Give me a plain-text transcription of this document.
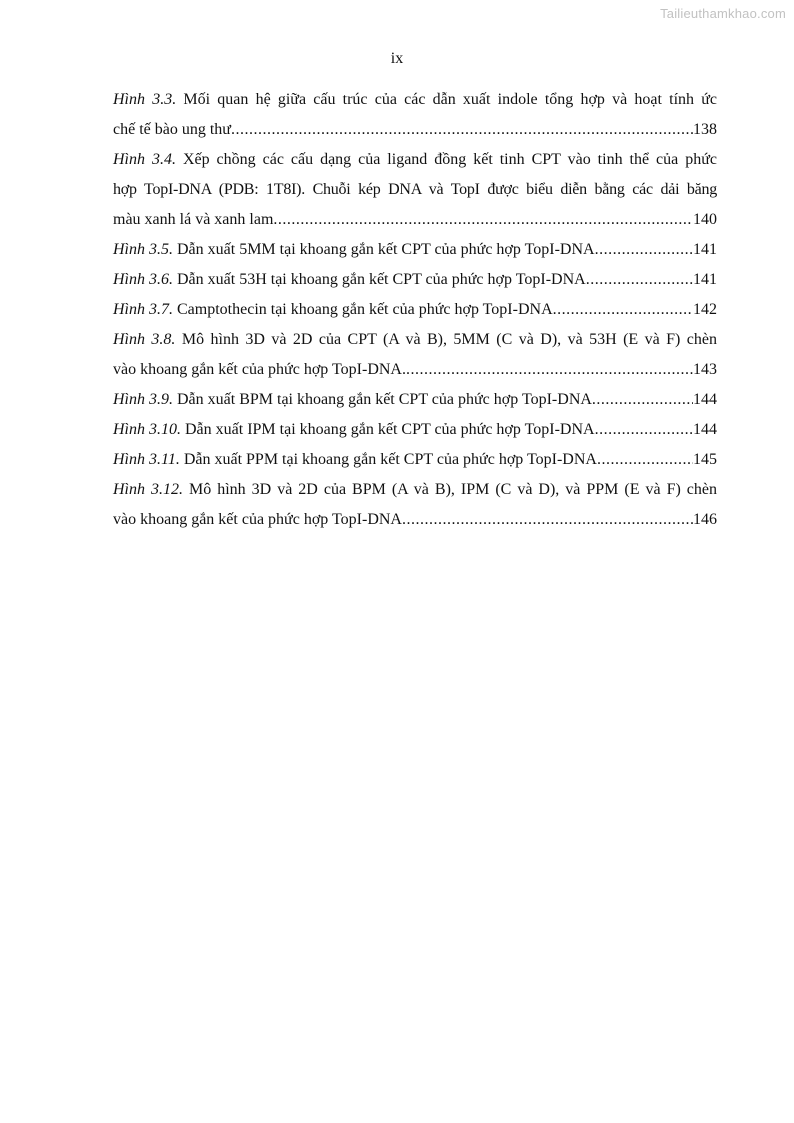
Tailieuthamkhao.com
ix
Hình 3.3. Mối quan hệ giữa cấu trúc của các dẫn xuất indole tổng hợp và hoạt tính ức
chế tế bào ung thư .....	138
Hình 3.4. Xếp chồng các cấu dạng của ligand đồng kết tinh CPT vào tinh thể của phức
hợp TopI-DNA (PDB: 1T8I). Chuỗi kép DNA và TopI được biểu diễn bằng các dải băng
màu xanh lá và xanh lam .....	140
Hình 3.5.
Dẫn xuất 5MM tại khoang gắn kết CPT của phức hợp TopI-DNA .....	141
Hình 3.6.
Dẫn xuất 53H tại khoang gắn kết CPT của phức hợp TopI-DNA .....	141
Hình 3.7.
Camptothecin tại khoang gắn kết của phức hợp TopI-DNA .....	142
Hình 3.8. Mô hình 3D và 2D của CPT (A và B), 5MM (C và D), và 53H (E và F) chèn
vào khoang gắn kết của phức hợp TopI-DNA. .....	143
Hình 3.9.
Dẫn xuất BPM tại khoang gắn kết CPT của phức hợp TopI-DNA .....	144
Hình 3.10.
Dẫn xuất IPM tại khoang gắn kết CPT của phức hợp TopI-DNA .....	144
Hình 3.11.
Dẫn xuất PPM tại khoang gắn kết CPT của phức hợp TopI-DNA .....	145
Hình 3.12. Mô hình 3D và 2D của BPM (A và B), IPM (C và D), và PPM (E và F) chèn
vào khoang gắn kết của phức hợp TopI-DNA .....	146
